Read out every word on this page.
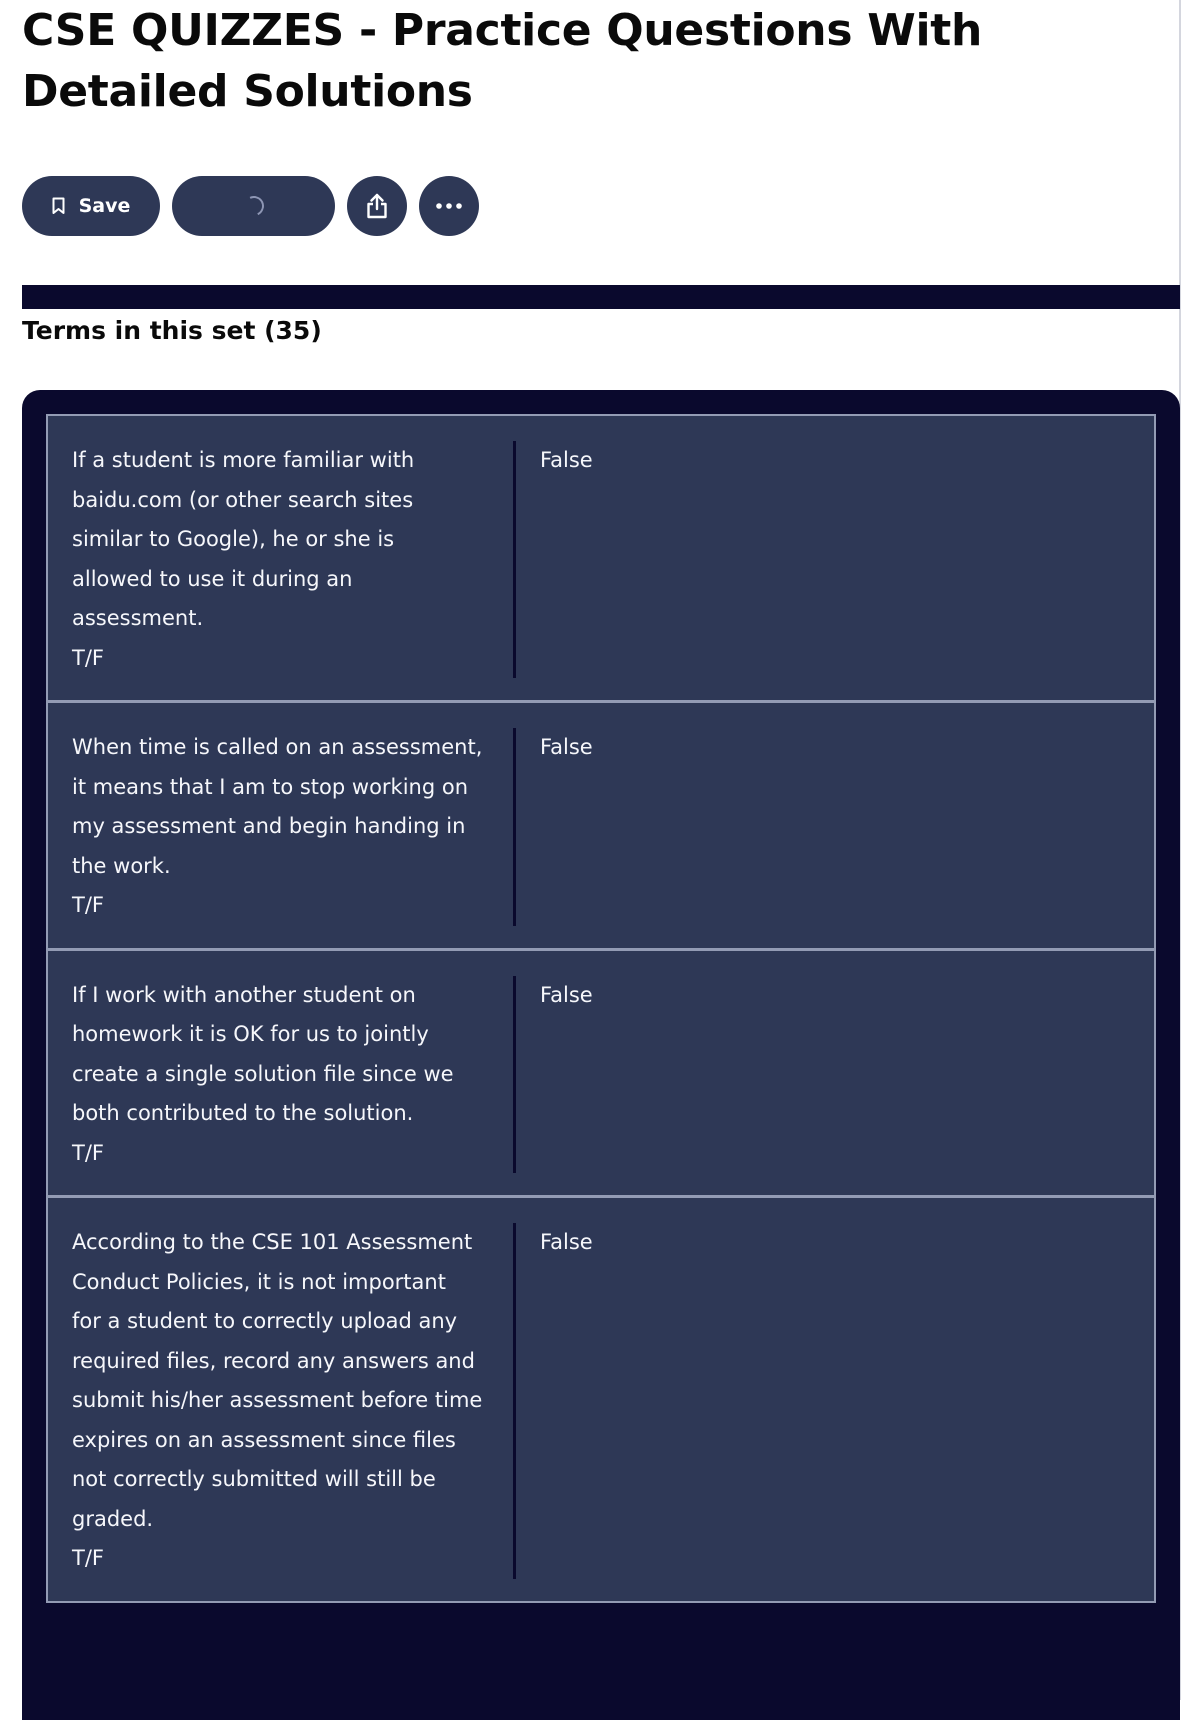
CSE QUIZZES - Practice Questions With Detailed Solutions
Save
Terms in this set (35)
If a student is more familiar with
baidu.com (or other search sites
similar to Google), he or she is
allowed to use it during an
assessment.
T/F
False
When time is called on an assessment,
it means that I am to stop working on
my assessment and begin handing in
the work.
T/F
False
If I work with another student on
homework it is OK for us to jointly
create a single solution file since we
both contributed to the solution.
T/F
False
According to the CSE 101 Assessment
Conduct Policies, it is not important
for a student to correctly upload any
required files, record any answers and
submit his/her assessment before time
expires on an assessment since files
not correctly submitted will still be
graded.
T/F
False
